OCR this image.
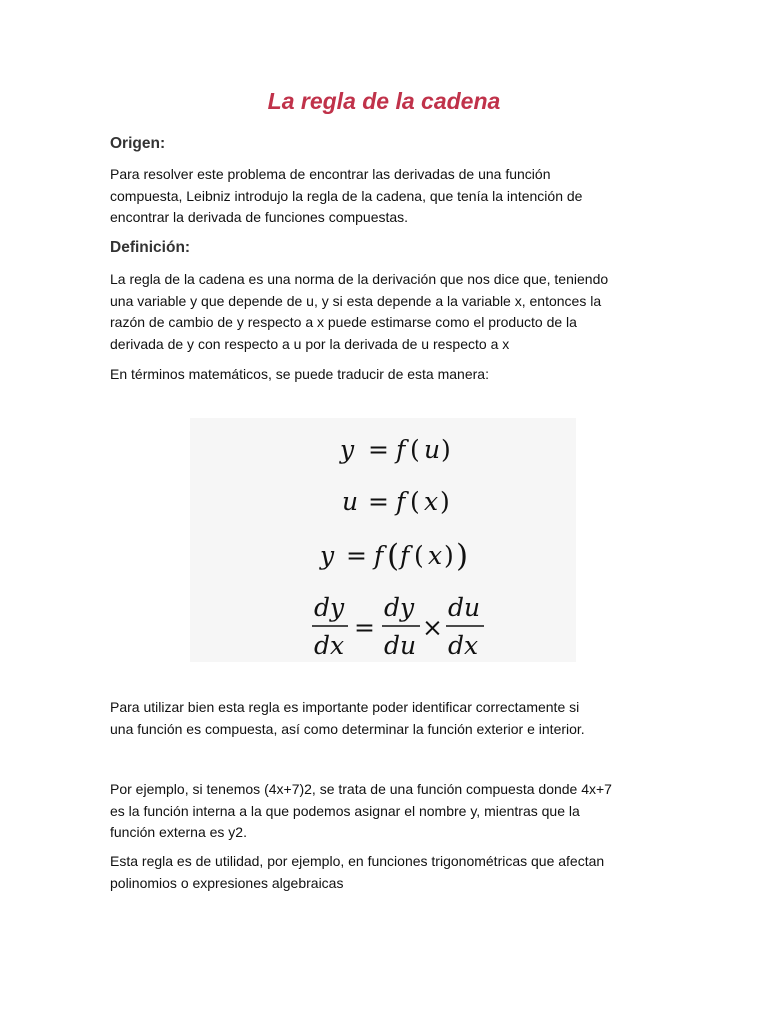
La regla de la cadena
Origen:
Para resolver este problema de encontrar las derivadas de una función
compuesta, Leibniz introdujo la regla de la cadena, que tenía la intención de
encontrar la derivada de funciones compuestas.
Definición:
La regla de la cadena es una norma de la derivación que nos dice que, teniendo
una variable y que depende de u, y si esta depende a la variable x, entonces la
razón de cambio de y respecto a x puede estimarse como el producto de la
derivada de y con respecto a u por la derivada de u respecto a x
En términos matemáticos, se puede traducir de esta manera:
y = f ( u )
u = f ( x )
y = f ( f ( x ) )
dy
dx
=
dy
du
×
du
dx
Para utilizar bien esta regla es importante poder identificar correctamente si
una función es compuesta, así como determinar la función exterior e interior.
Por ejemplo, si tenemos (4x+7)2, se trata de una función compuesta donde 4x+7
es la función interna a la que podemos asignar el nombre y, mientras que la
función externa es y2.
Esta regla es de utilidad, por ejemplo, en funciones trigonométricas que afectan
polinomios o expresiones algebraicas
